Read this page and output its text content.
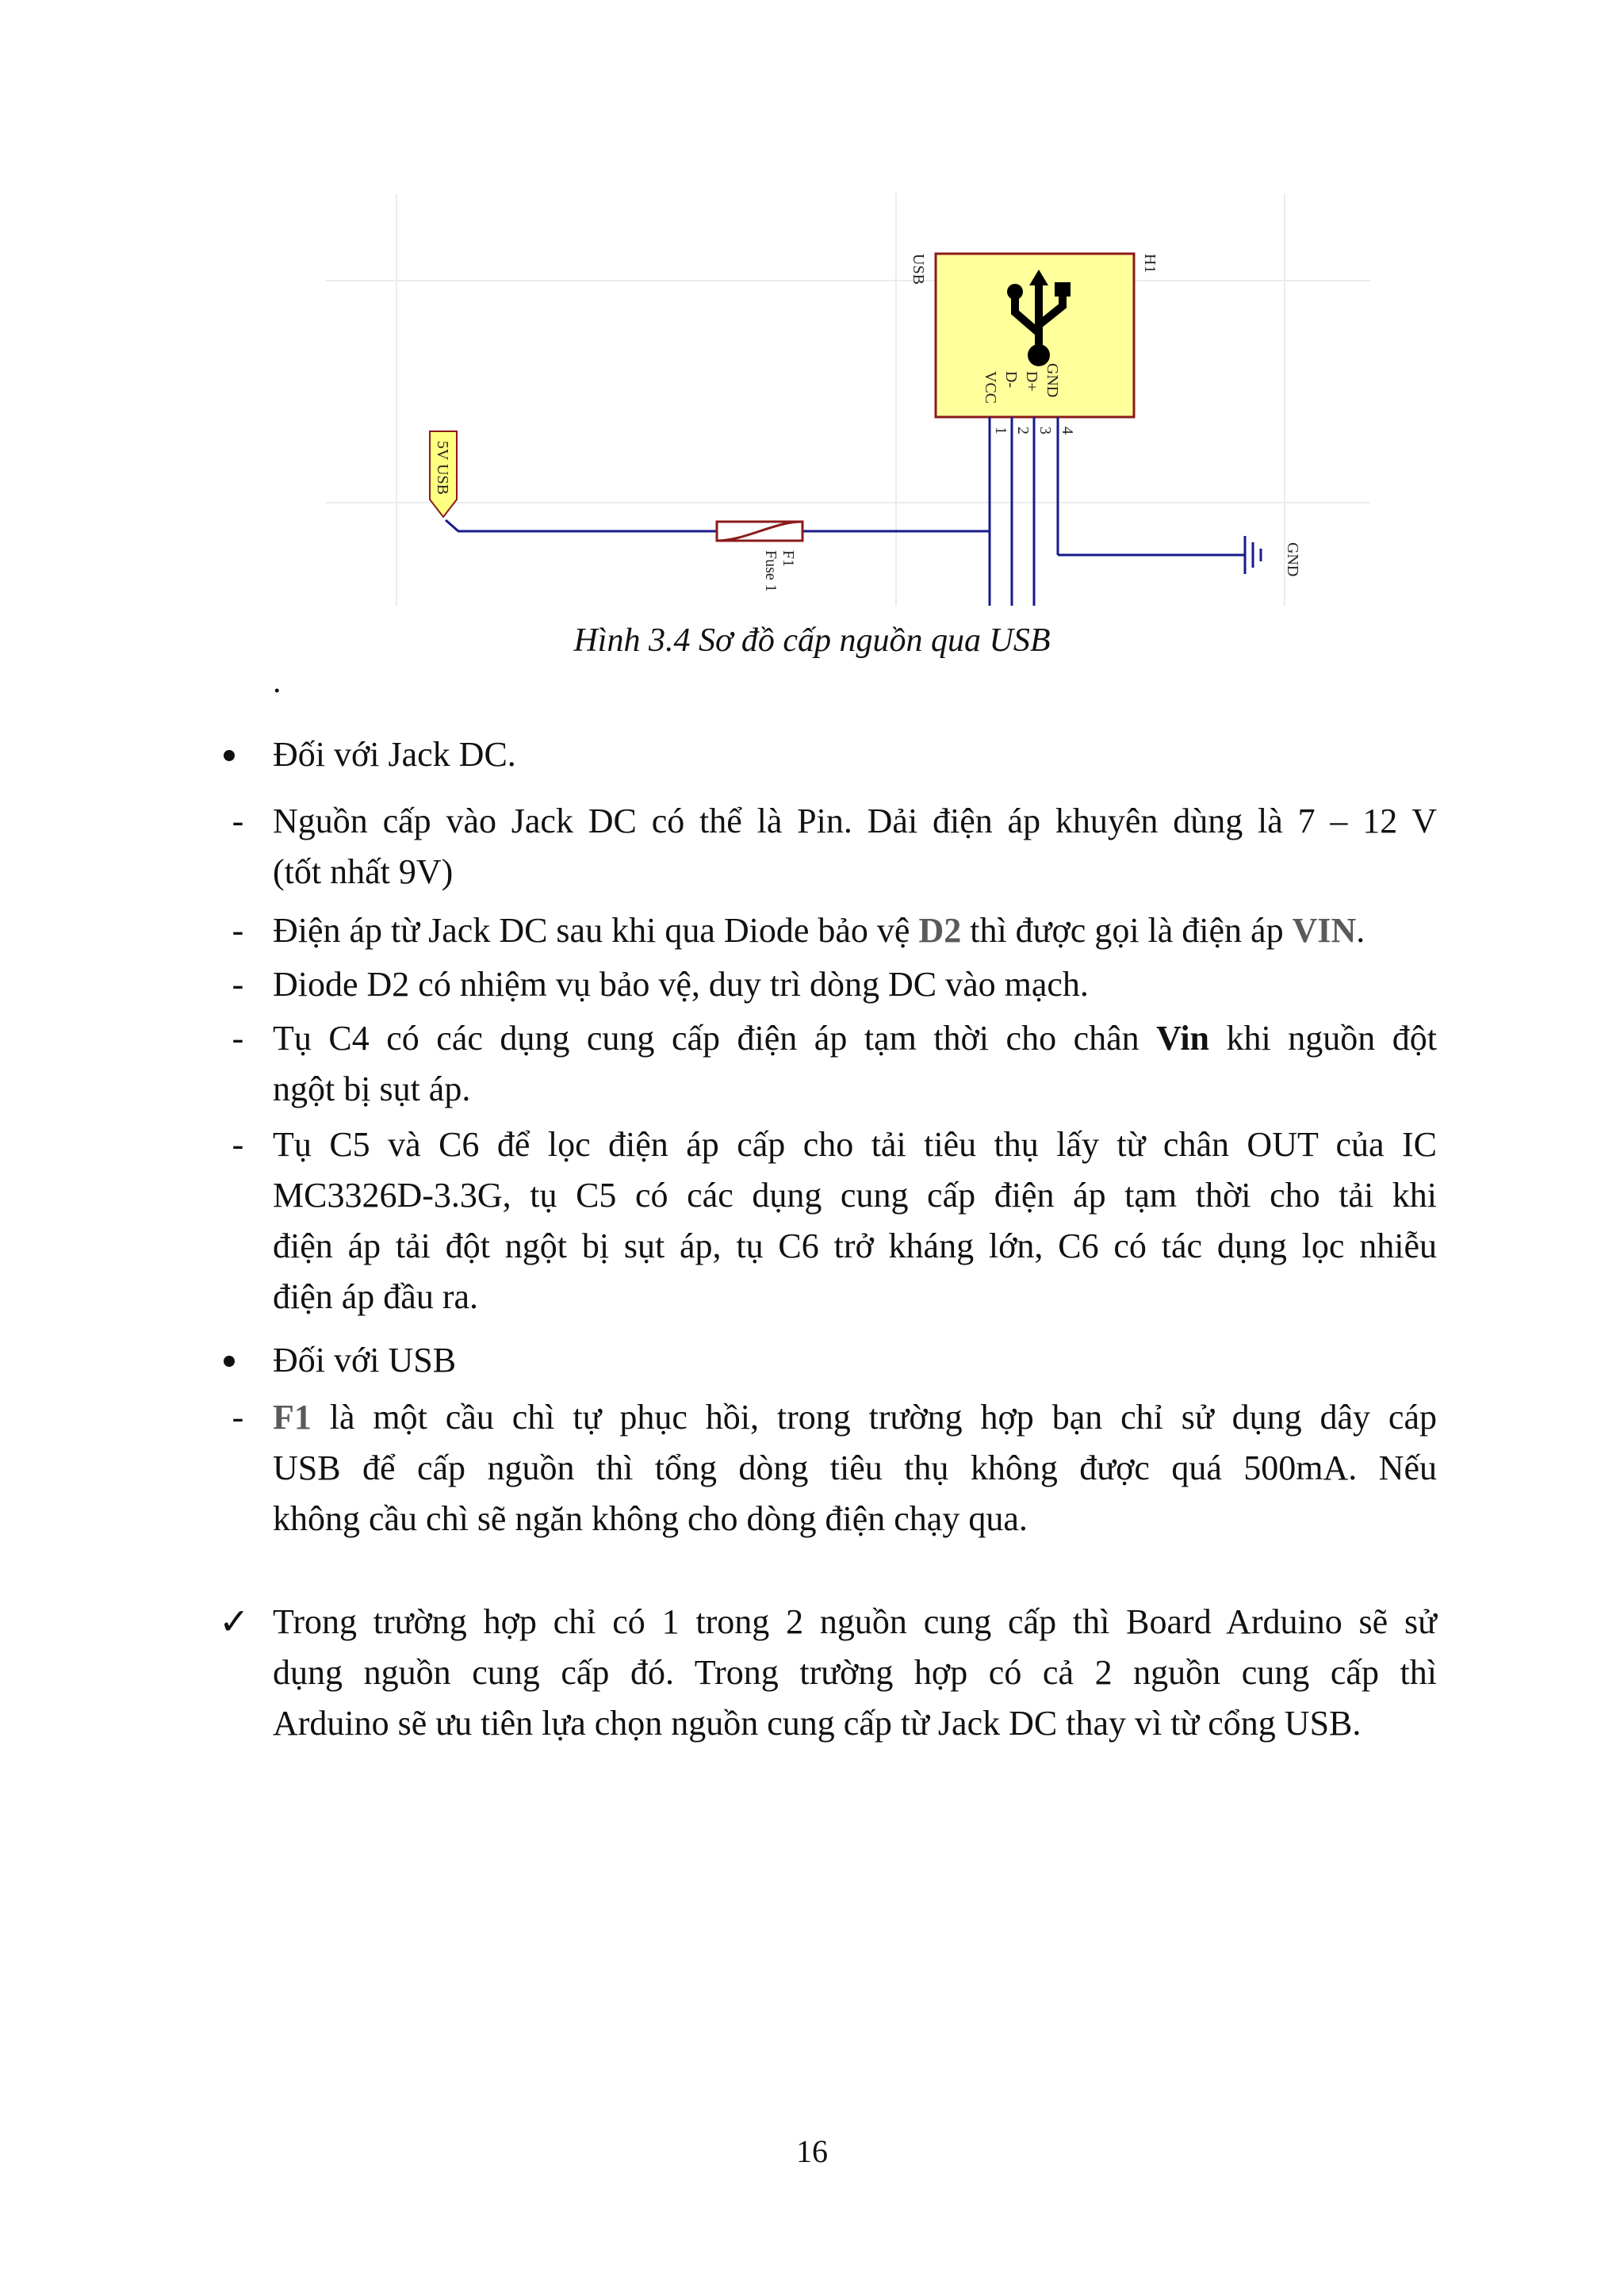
USB	H1
VCC D- D+ GND
1 2 3 4
5V USB
F1
Fuse 1	GND
Hình 3.4 Sơ đồ cấp nguồn qua USB
.
Đối với Jack DC.
- Nguồn cấp vào Jack DC có thể là Pin. Dải điện áp khuyên dùng là 7 – 12 V
(tốt nhất 9V)
- Điện áp từ Jack DC sau khi qua Diode bảo vệ D2 thì được gọi là điện áp VIN.
- Diode D2 có nhiệm vụ bảo vệ, duy trì dòng DC vào mạch.
- Tụ C4 có các dụng cung cấp điện áp tạm thời cho chân Vin khi nguồn đột
ngột bị sụt áp.
- Tụ C5 và C6 để lọc điện áp cấp cho tải tiêu thụ lấy từ chân OUT của IC
MC3326D-3.3G, tụ C5 có các dụng cung cấp điện áp tạm thời cho tải khi
điện áp tải đột ngột bị sụt áp, tụ C6 trở kháng lớn, C6 có tác dụng lọc nhiễu
điện áp đầu ra.
Đối với USB
- F1 là một cầu chì tự phục hồi, trong trường hợp bạn chỉ sử dụng dây cáp
USB để cấp nguồn thì tổng dòng tiêu thụ không được quá 500mA. Nếu
không cầu chì sẽ ngăn không cho dòng điện chạy qua.
✓ Trong trường hợp chỉ có 1 trong 2 nguồn cung cấp thì Board Arduino sẽ sử
dụng nguồn cung cấp đó. Trong trường hợp có cả 2 nguồn cung cấp thì
Arduino sẽ ưu tiên lựa chọn nguồn cung cấp từ Jack DC thay vì từ cổng USB.
16
